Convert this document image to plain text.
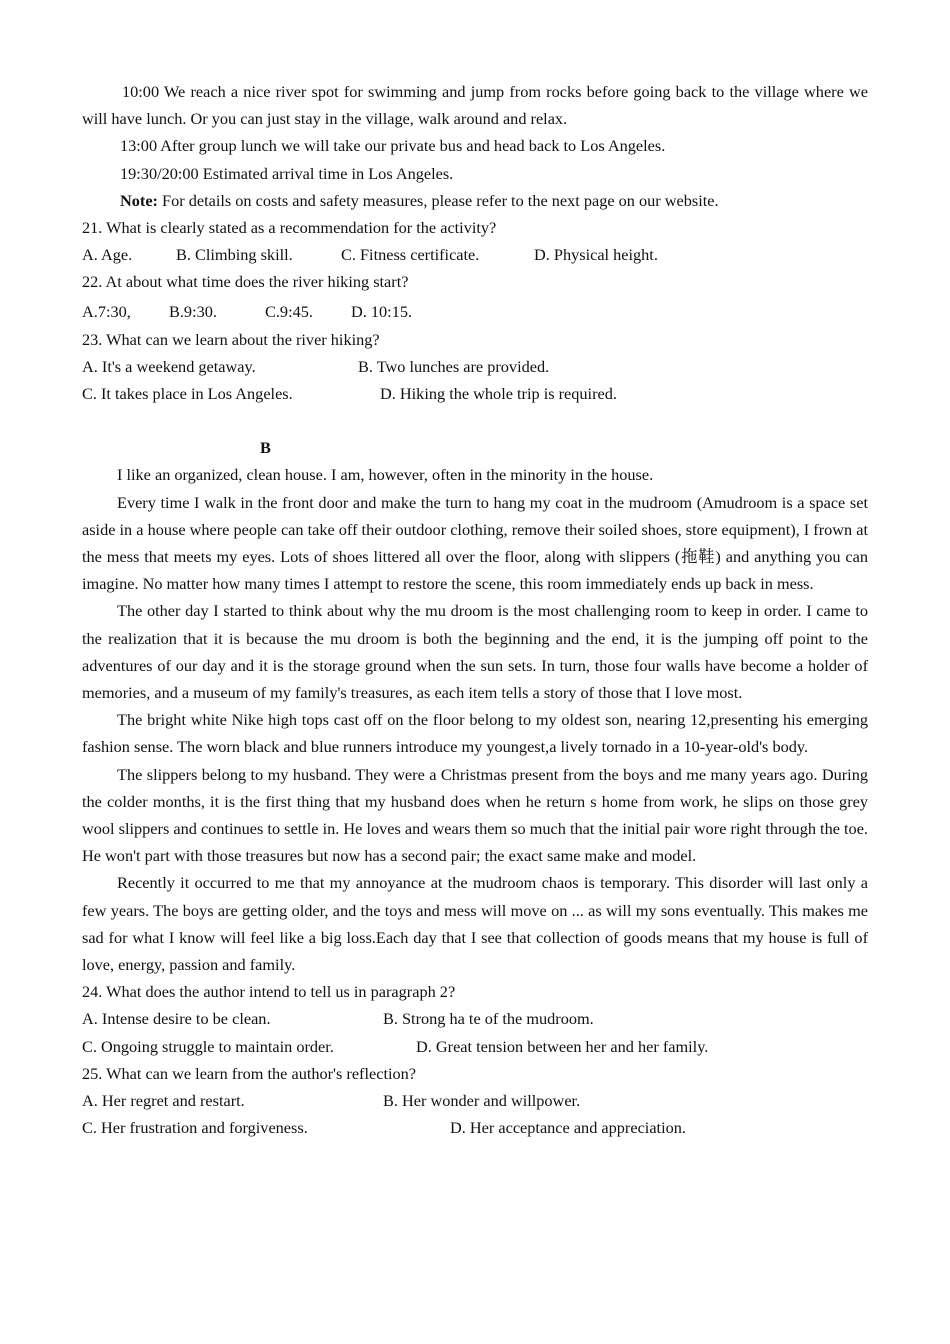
10:00 We reach a nice river spot for swimming and jump from rocks before going back to the village where we will have lunch. Or you can just stay in the village, walk around and relax.

13:00 After group lunch we will take our private bus and head back to Los Angeles.

19:30/20:00 Estimated arrival time in Los Angeles.

Note: For details on costs and safety measures, please refer to the next page on our website.

21. What is clearly stated as a recommendation for the activity?

A. Age.	B. Climbing skill.	C. Fitness certificate.	D. Physical height.

22. At about what time does the river hiking start?

A.7:30, B.9:30.	C.9:45. D. 10:15.

23. What can we learn about the river hiking?

A. It's a weekend getaway.	B. Two lunches are provided.
C. It takes place in Los Angeles.	D. Hiking the whole trip is required.
B

I like an organized, clean house. I am, however, often in the minority in the house.

Every time I walk in the front door and make the turn to hang my coat in the mudroom (Amudroom is a space set aside in a house where people can take off their outdoor clothing, remove their soiled shoes, store equipment), I frown at the mess that meets my eyes. Lots of shoes littered all over the floor, along with slippers (拖鞋) and anything you can imagine. No matter how many times I attempt to restore the scene, this room immediately ends up back in mess.

The other day I started to think about why the mu droom is the most challenging room to keep in order. I came to the realization that it is because the mu droom is both the beginning and the end, it is the jumping off point to the adventures of our day and it is the storage ground when the sun sets. In turn, those four walls have become a holder of memories, and a museum of my family's treasures, as each item tells a story of those that I love most.

The bright white Nike high tops cast off on the floor belong to my oldest son, nearing 12,presenting his emerging fashion sense. The worn black and blue runners introduce my youngest,a lively tornado in a 10-year-old's body.

The slippers belong to my husband. They were a Christmas present from the boys and me many years ago. During the colder months, it is the first thing that my husband does when he return s home from work, he slips on those grey wool slippers and continues to settle in. He loves and wears them so much that the initial pair wore right through the toe. He won't part with those treasures but now has a second pair; the exact same make and model.

Recently it occurred to me that my annoyance at the mudroom chaos is temporary. This disorder will last only a few years. The boys are getting older, and the toys and mess will move on ... as will my sons eventually. This makes me sad for what I know will feel like a big loss.Each day that I see that collection of goods means that my house is full of love, energy, passion and family.

24. What does the author intend to tell us in paragraph 2?

A. Intense desire to be clean.	B. Strong ha te of the mudroom.
C. Ongoing struggle to maintain order.	D. Great tension between her and her family.

25. What can we learn from the author's reflection?

A. Her regret and restart.	B. Her wonder and willpower.
C. Her frustration and forgiveness.	D. Her acceptance and appreciation.
